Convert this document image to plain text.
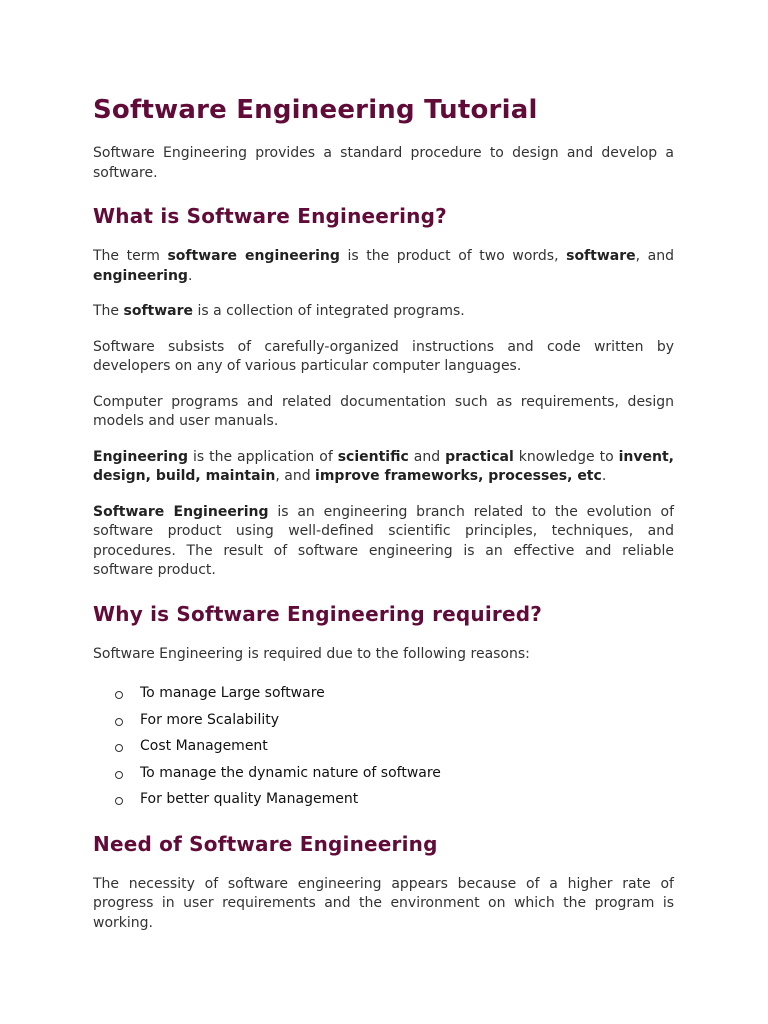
Software Engineering Tutorial

Software Engineering provides a standard procedure to design and develop a software.

What is Software Engineering?

The term software engineering is the product of two words, software, and engineering.

The software is a collection of integrated programs.

Software subsists of carefully-organized instructions and code written by developers on any of various particular computer languages.

Computer programs and related documentation such as requirements, design models and user manuals.

Engineering is the application of scientific and practical knowledge to invent, design, build, maintain, and improve frameworks, processes, etc.

Software Engineering is an engineering branch related to the evolution of software product using well-defined scientific principles, techniques, and procedures. The result of software engineering is an effective and reliable software product.

Why is Software Engineering required?

Software Engineering is required due to the following reasons:

To manage Large software
For more Scalability
Cost Management
To manage the dynamic nature of software
For better quality Management
Need of Software Engineering

The necessity of software engineering appears because of a higher rate of progress in user requirements and the environment on which the program is working.
